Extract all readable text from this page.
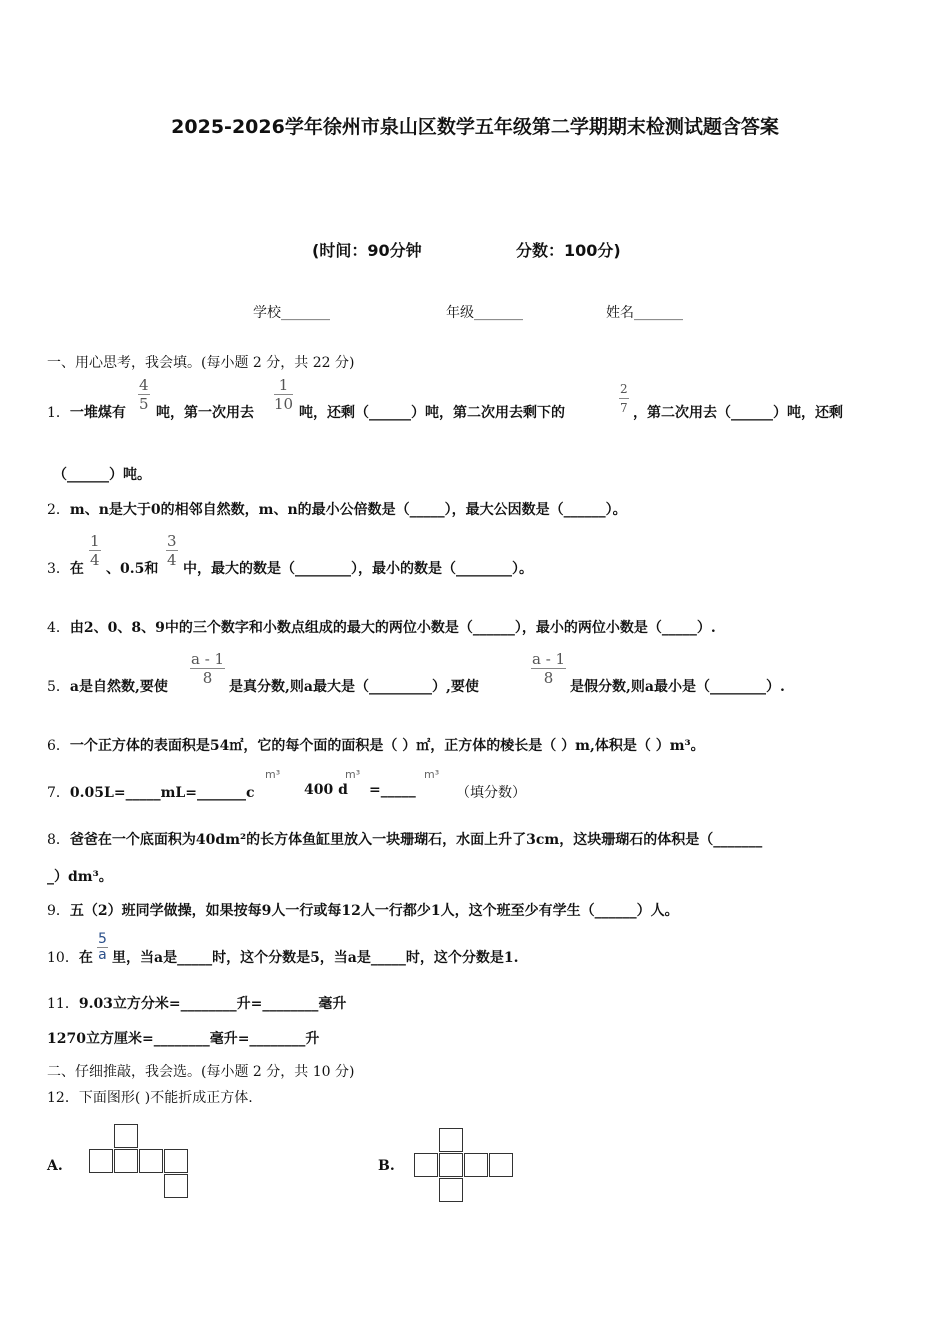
2025-2026学年徐州市泉山区数学五年级第二学期期末检测试题含答案
(时间：90分钟	分数：100分)
学校_______	年级_______	姓名_______
一、用心思考，我会填。(每小题 2 分，共 22 分)
1．一堆煤有 $\frac{4}{5}$ 吨，第一次用去 $\frac{1}{10}$ 吨，还剩（______）吨，第二次用去剩下的	$\frac{2}{7}$ ，第二次用去（______）吨，还剩
（______）吨。
2．m、n是大于0的相邻自然数，m、n的最小公倍数是（_____），最大公因数是（______）。
3．在 $\frac{1}{4}$ 、0.5和 $\frac{3}{4}$ 中，最大的数是（________），最小的数是（________）。
4．由2、0、8、9中的三个数字和小数点组成的最大的两位小数是（______），最小的两位小数是（_____）.
5．a是自然数,要使 $\frac{a - 1}{8}$ 是真分数,则a最大是（_________）,要使	$\frac{a - 1}{8}$ 是假分数,则a最小是（________）.
6．一个正方体的表面积是54㎡，它的每个面的面积是（ ）㎡，正方体的棱长是（ ）m,体积是（ ）m³。
7．0.05L=_____mL=_______c
m³
400 d
m³
=_____
m³
（填分数）
8．爸爸在一个底面积为40dm²的长方体鱼缸里放入一块珊瑚石，水面上升了3cm，这块珊瑚石的体积是（_______
_）dm³。
9．五（2）班同学做操，如果按每9人一行或每12人一行都少1人，这个班至少有学生（______）人。
10．在 $\frac{5}{a}$ 里，当a是_____时，这个分数是5，当a是_____时，这个分数是1.
11．9.03立方分米=________升=________毫升
1270立方厘米=________毫升=________升
二、仔细推敲，我会选。(每小题 2 分，共 10 分)
12．下面图形( )不能折成正方体.
A.	B.
